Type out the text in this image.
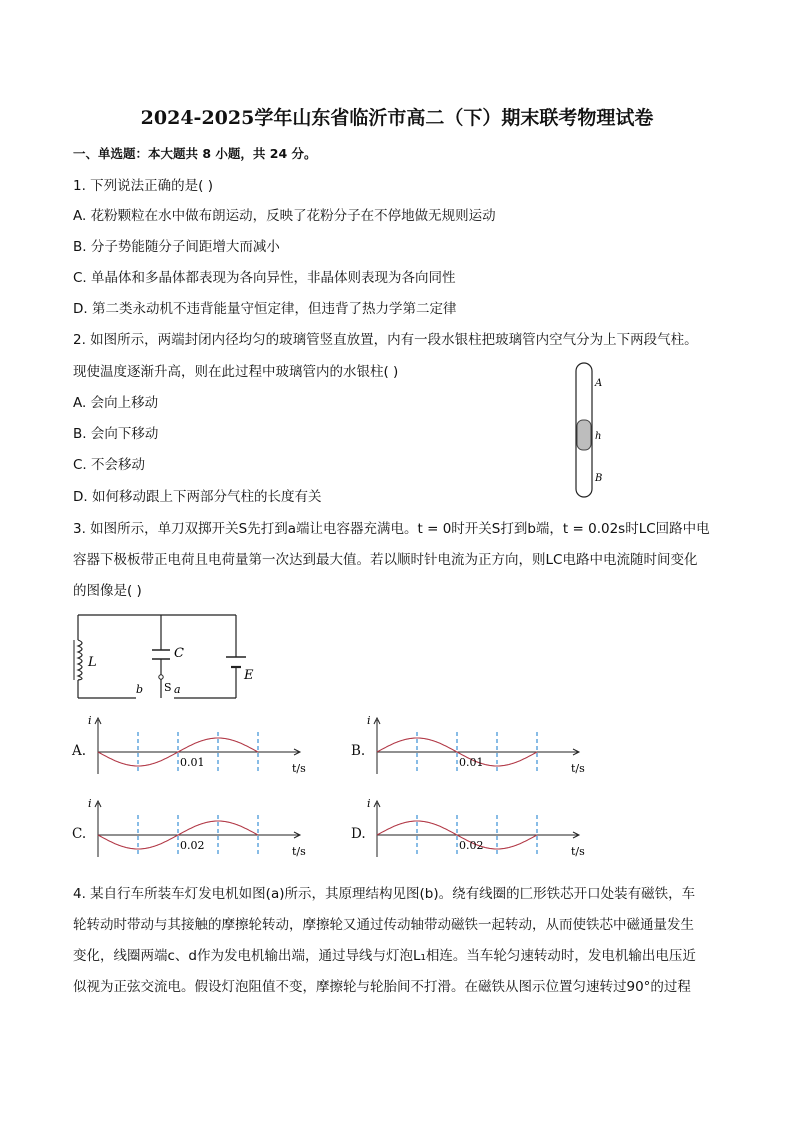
2024-2025学年山东省临沂市高二（下）期末联考物理试卷
一、单选题：本大题共 8 小题，共 24 分。
1. 下列说法正确的是( )
A. 花粉颗粒在水中做布朗运动，反映了花粉分子在不停地做无规则运动
B. 分子势能随分子间距增大而减小
C. 单晶体和多晶体都表现为各向异性，非晶体则表现为各向同性
D. 第二类永动机不违背能量守恒定律，但违背了热力学第二定律
2. 如图所示，两端封闭内径均匀的玻璃管竖直放置，内有一段水银柱把玻璃管内空气分为上下两段气柱。
现使温度逐渐升高，则在此过程中玻璃管内的水银柱( )
A. 会向上移动
B. 会向下移动
C. 不会移动
D. 如何移动跟上下两部分气柱的长度有关
A
h
B
3. 如图所示，单刀双掷开关S先打到a端让电容器充满电。t = 0时开关S打到b端，t = 0.02s时LC回路中电
容器下极板带正电荷且电荷量第一次达到最大值。若以顺时针电流为正方向，则LC电路中电流随时间变化
的图像是( )
L
C
E
S a
b
A.
i
t/s
0.01
B.
i
t/s
0.01
C.
i
t/s
0.02
D.
i
t/s
0.02
4. 某自行车所装车灯发电机如图(a)所示，其原理结构见图(b)。绕有线圈的匚形铁芯开口处装有磁铁，车
轮转动时带动与其接触的摩擦轮转动，摩擦轮又通过传动轴带动磁铁一起转动，从而使铁芯中磁通量发生
变化，线圈两端c、d作为发电机输出端，通过导线与灯泡L₁相连。当车轮匀速转动时，发电机输出电压近
似视为正弦交流电。假设灯泡阻值不变，摩擦轮与轮胎间不打滑。在磁铁从图示位置匀速转过90°的过程
